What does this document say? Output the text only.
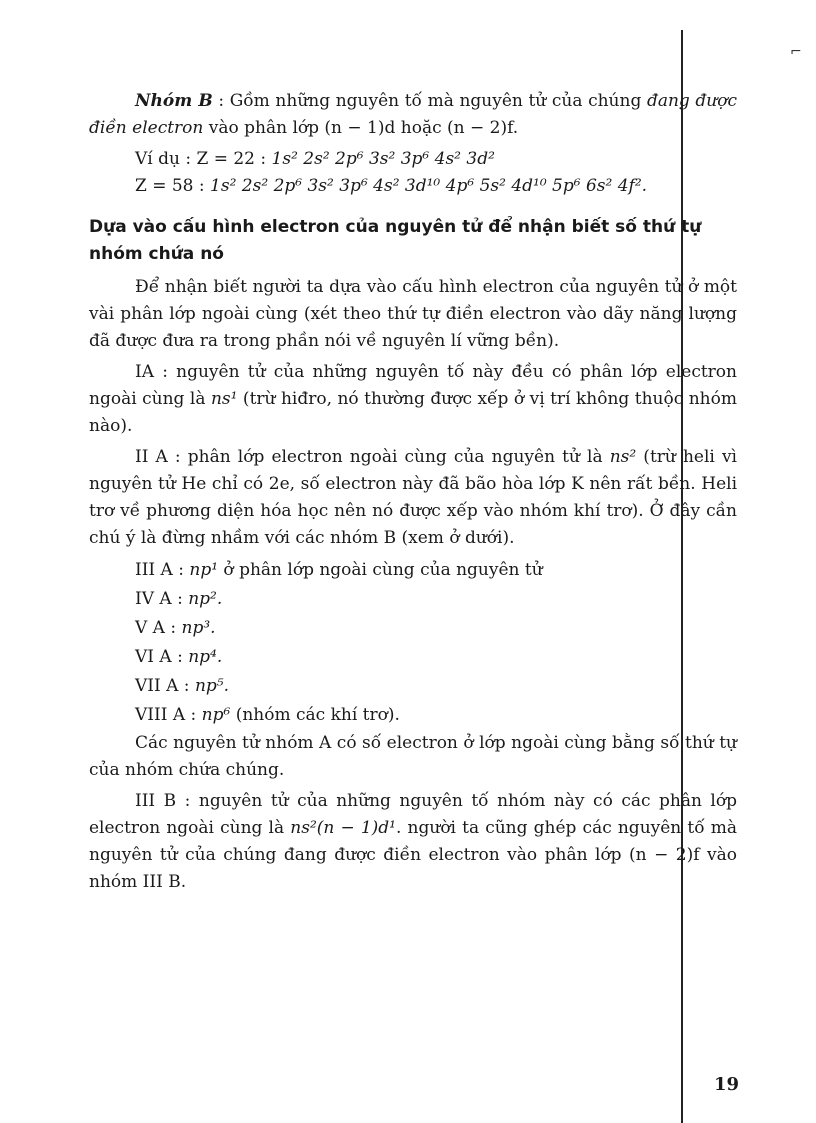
⌐

Nhóm B : Gồm những nguyên tố mà nguyên tử của chúng đang được điền electron vào phân lớp (n − 1)d hoặc (n − 2)f.

Ví dụ : Z = 22 : 1s² 2s² 2p⁶ 3s² 3p⁶ 4s² 3d²

Z = 58 : 1s² 2s² 2p⁶ 3s² 3p⁶ 4s² 3d¹⁰ 4p⁶ 5s² 4d¹⁰ 5p⁶ 6s² 4f².

Dựa vào cấu hình electron của nguyên tử để nhận biết số thứ tự nhóm chứa nó

Để nhận biết người ta dựa vào cấu hình electron của nguyên tử ở một vài phân lớp ngoài cùng (xét theo thứ tự điền electron vào dãy năng lượng đã được đưa ra trong phần nói về nguyên lí vững bền).

IA : nguyên tử của những nguyên tố này đều có phân lớp electron ngoài cùng là ns¹ (trừ hiđro, nó thường được xếp ở vị trí không thuộc nhóm nào).

II A : phân lớp electron ngoài cùng của nguyên tử là ns² (trừ heli vì nguyên tử He chỉ có 2e, số electron này đã bão hòa lớp K nên rất bền. Heli trơ về phương diện hóa học nên nó được xếp vào nhóm khí trơ). Ở đây cần chú ý là đừng nhầm với các nhóm B (xem ở dưới).

III A : np¹ ở phân lớp ngoài cùng của nguyên tử
IV A : np².
V A : np³.
VI A : np⁴.
VII A : np⁵.
VIII A : np⁶ (nhóm các khí trơ).

Các nguyên tử nhóm A có số electron ở lớp ngoài cùng bằng số thứ tự của nhóm chứa chúng.

III B : nguyên tử của những nguyên tố nhóm này có các phân lớp electron ngoài cùng là ns²(n − 1)d¹. người ta cũng ghép các nguyên tố mà nguyên tử của chúng đang được điền electron vào phân lớp (n − 2)f vào nhóm III B.

19
